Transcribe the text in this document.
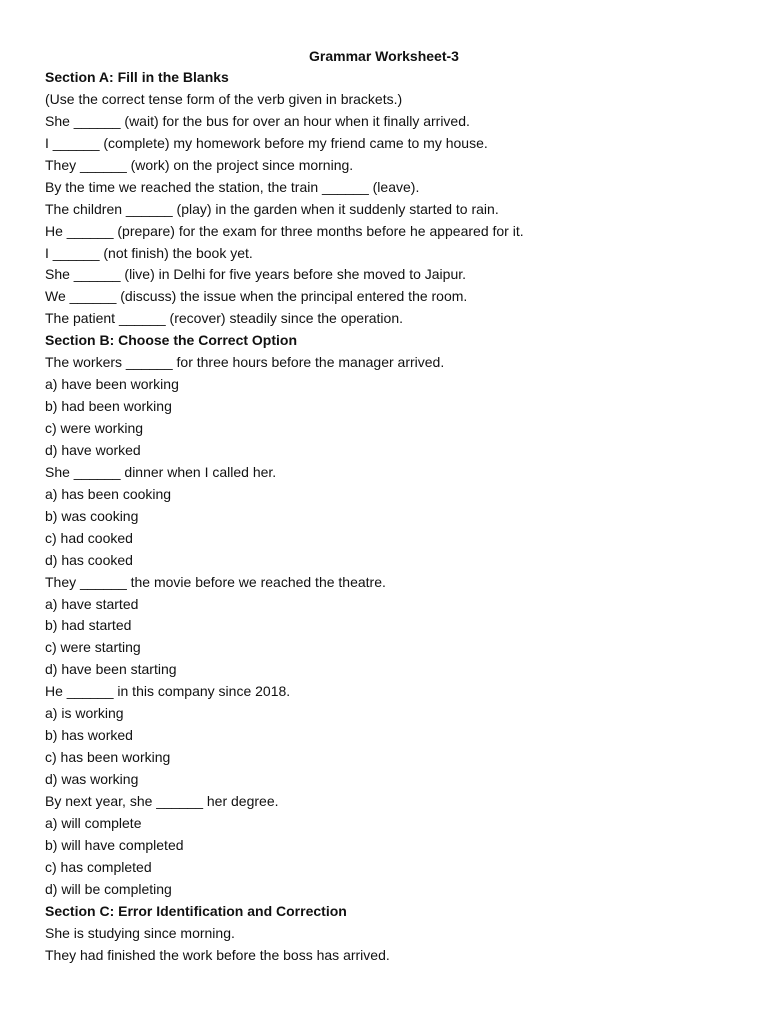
Grammar Worksheet-3
Section A: Fill in the Blanks
(Use the correct tense form of the verb given in brackets.)
She ______ (wait) for the bus for over an hour when it finally arrived.
I ______ (complete) my homework before my friend came to my house.
They ______ (work) on the project since morning.
By the time we reached the station, the train ______ (leave).
The children ______ (play) in the garden when it suddenly started to rain.
He ______ (prepare) for the exam for three months before he appeared for it.
I ______ (not finish) the book yet.
She ______ (live) in Delhi for five years before she moved to Jaipur.
We ______ (discuss) the issue when the principal entered the room.
The patient ______ (recover) steadily since the operation.
Section B: Choose the Correct Option
The workers ______ for three hours before the manager arrived.
a) have been working
b) had been working
c) were working
d) have worked
She ______ dinner when I called her.
a) has been cooking
b) was cooking
c) had cooked
d) has cooked
They ______ the movie before we reached the theatre.
a) have started
b) had started
c) were starting
d) have been starting
He ______ in this company since 2018.
a) is working
b) has worked
c) has been working
d) was working
By next year, she ______ her degree.
a) will complete
b) will have completed
c) has completed
d) will be completing
Section C: Error Identification and Correction
She is studying since morning.
They had finished the work before the boss has arrived.
